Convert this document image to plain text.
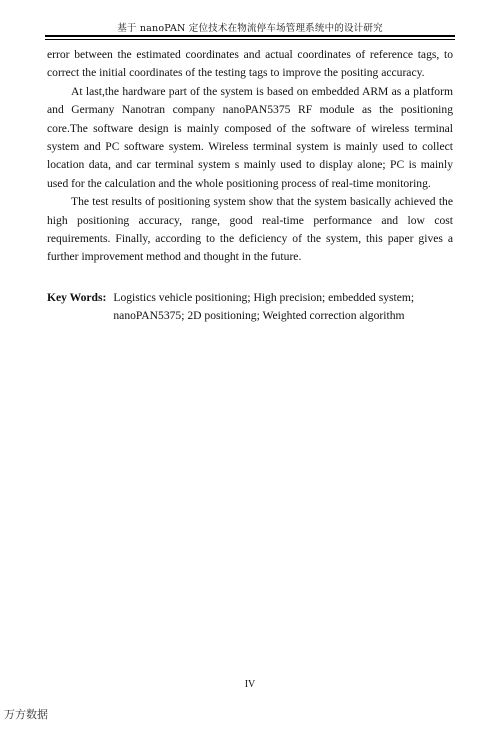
基于 nanoPAN 定位技术在物流停车场管理系统中的设计研究

error between the estimated coordinates and actual coordinates of reference tags, to correct the initial coordinates of the testing tags to improve the positing accuracy.

At last,the hardware part of the system is based on embedded ARM as a platform and Germany Nanotran company nanoPAN5375 RF module as the positioning core.The software design is mainly composed of the software of wireless terminal system and PC software system. Wireless terminal system is mainly used to collect location data, and car terminal system s mainly used to display alone; PC is mainly used for the calculation and the whole positioning process of real-time monitoring.

The test results of positioning system show that the system basically achieved the high positioning accuracy, range, good real-time performance and low cost requirements. Finally, according to the deficiency of the system, this paper gives a further improvement method and thought in the future.

Key Words: Logistics vehicle positioning; High precision; embedded system; nanoPAN5375; 2D positioning; Weighted correction algorithm

IV
万方数据
